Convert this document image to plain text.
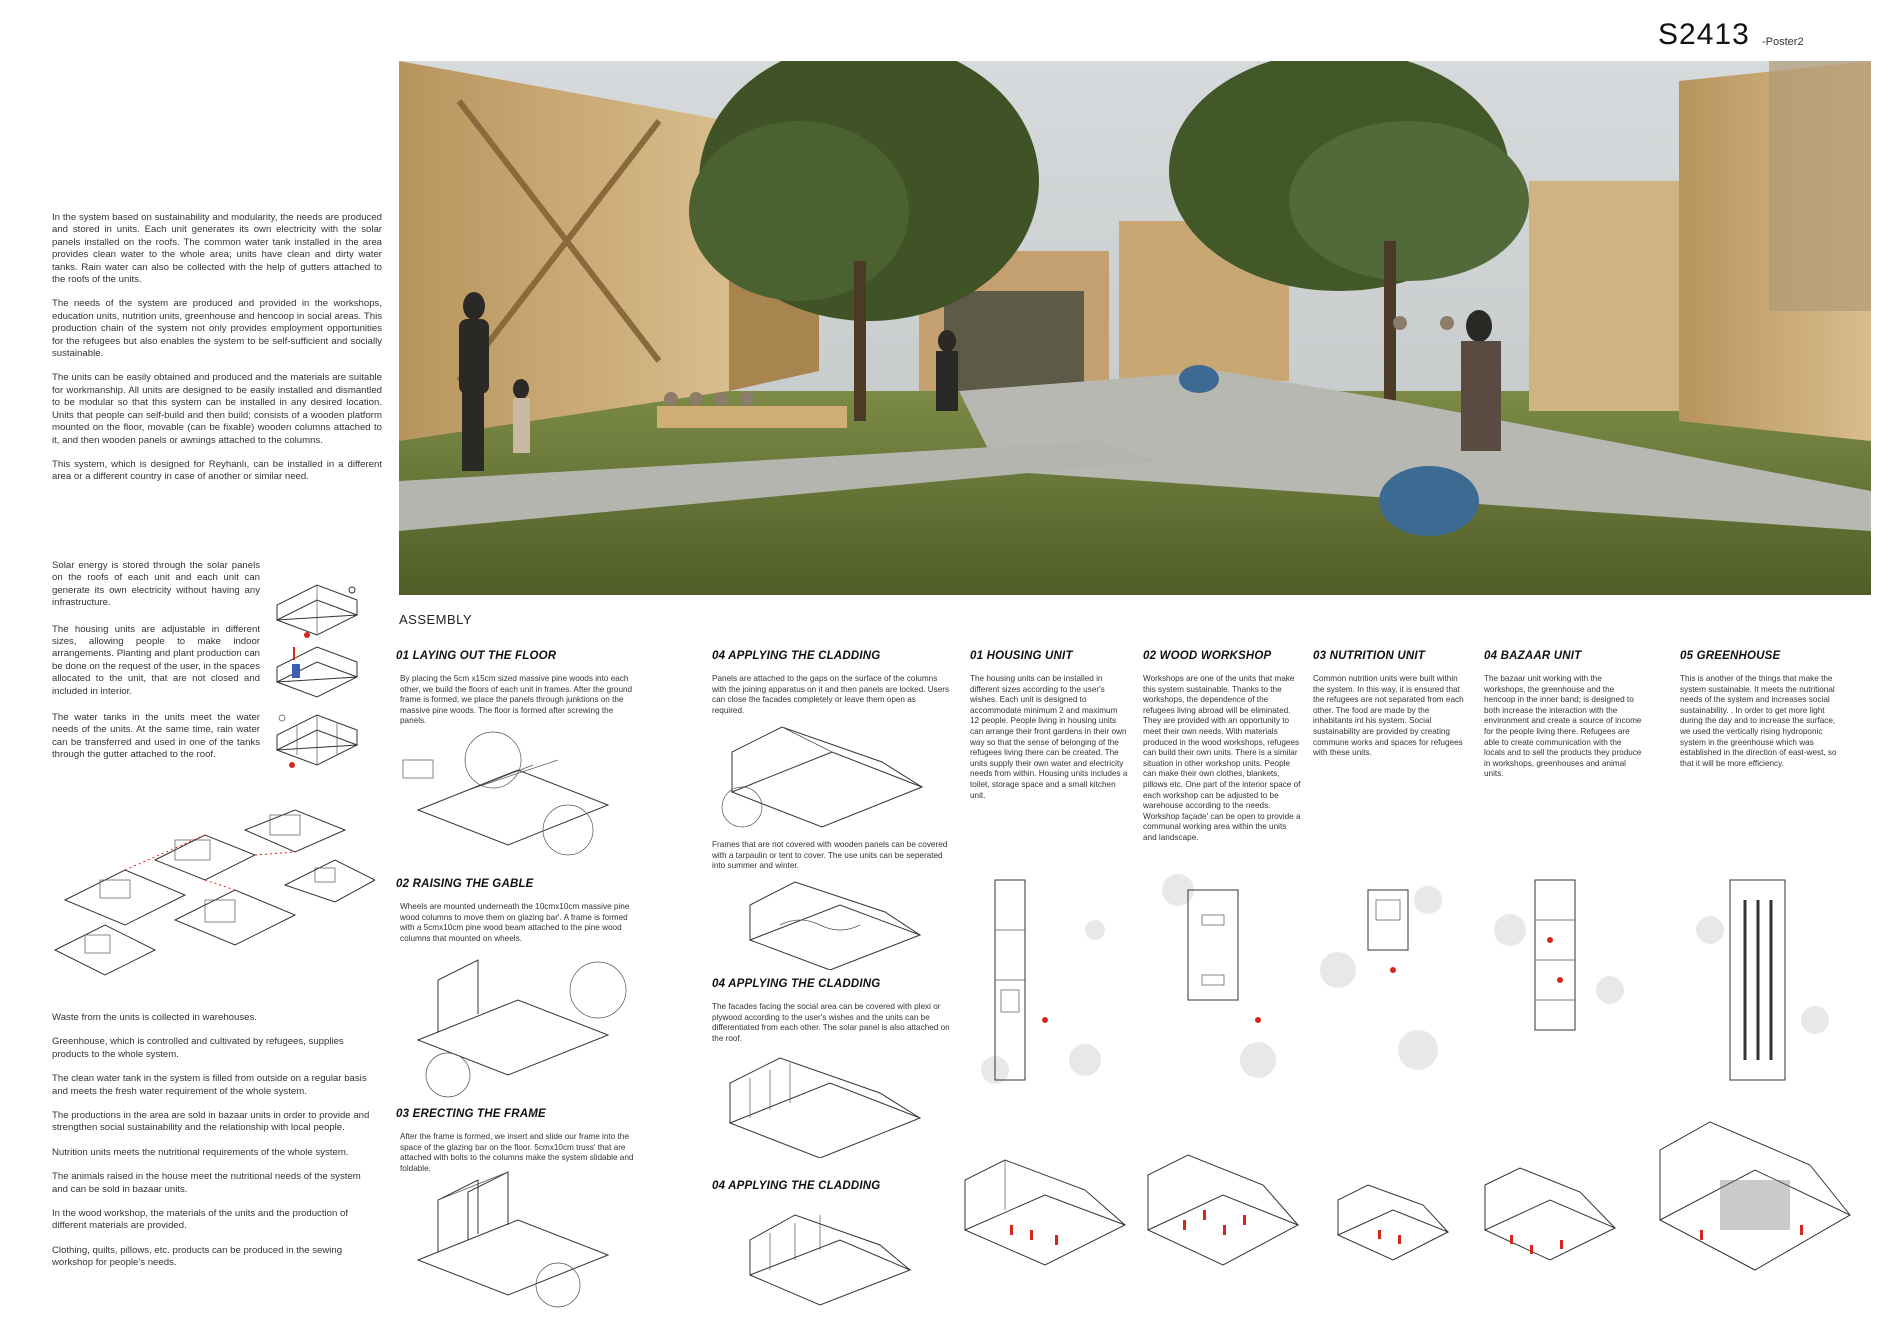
S2413 -Poster2

In the system based on sustainability and modularity, the needs are produced and stored in units. Each unit generates its own electricity with the solar panels installed on the roofs. The common water tank installed in the area provides clean water to the whole area; units have clean and dirty water tanks. Rain water can also be collected with the help of gutters attached to the roofs of the units.

The needs of the system are produced and provided in the workshops, education units, nutrition units, greenhouse and hencoop in social areas. This production chain of the system not only provides employment opportunities for the refugees but also enables the system to be self-sufficient and socially sustainable.

The units can be easily obtained and produced and the materials are suitable for workmanship. All units are designed to be easily installed and dismantled to be modular so that this system can be installed in any desired location. Units that people can self-build and then build; consists of a wooden platform mounted on the floor, movable (can be fixable) wooden columns attached to it, and then wooden panels or awnings attached to the columns.

This system, which is designed for Reyhanlı, can be installed in a different area or a different country in case of another or similar need.

Solar energy is stored through the solar panels on the roofs of each unit and each unit can generate its own electricity without having any infrastructure.

The housing units are adjustable in different sizes, allowing people to make indoor arrangements. Planting and plant production can be done on the request of the user, in the spaces allocated to the unit, that are not closed and included in interior.

The water tanks in the units meet the water needs of the units. At the same time, rain water can be transferred and used in one of the tanks through the gutter attached to the roof.

Waste from the units is collected in warehouses.

Greenhouse, which is controlled and cultivated by refugees, supplies products to the whole system.

The clean water tank in the system is filled from outside on a regular basis and meets the fresh water requirement of the whole system.

The productions in the area are sold in bazaar units in order to provide and strengthen social sustainability and the relationship with local people.

Nutrition units meets the nutritional requirements of the whole system.

The animals raised in the house meet the nutritional needs of the system and can be sold in bazaar units.

In the wood workshop, the materials of the units and the production of different materials are provided.

Clothing, quilts, pillows, etc. products can be produced in the sewing workshop for people's needs.

ASSEMBLY
01 LAYING OUT THE FLOOR

By placing the 5cm x15cm sized massive pine woods into each other, we build the floors of each unit in frames. After the ground frame is formed, we place the panels through junktions on the massive pine woods. The floor is formed after screwing the panels.

02 RAISING THE GABLE

Wheels are mounted underneath the 10cmx10cm massive pine wood columns to move them on glazing bar'. A frame is formed with a 5cmx10cm pine wood beam attached to the pine wood columns that mounted on wheels.

03 ERECTING THE FRAME

After the frame is formed, we insert and slide our frame into the space of the glazing bar on the floor. 5cmx10cm truss' that are attached with bolts to the columns make the system slidable and foldable.

04 APPLYING THE CLADDING

Panels are attached to the gaps on the surface of the columns with the joining apparatus on it and then panels are locked. Users can close the facades completely or leave them open as required.

Frames that are not covered with wooden panels can be covered with a tarpaulin or tent to cover. The use units can be seperated into summer and winter.

04 APPLYING THE CLADDING

The facades facing the social area can be covered with plexi or plywood according to the user's wishes and the units can be differentiated from each other. The solar panel is also attached on the roof.

04 APPLYING THE CLADDING
01 HOUSING UNIT

The housing units can be installed in different sizes according to the user's wishes. Each unit is designed to accommodate minimum 2 and maximum 12 people. People living in housing units can arrange their front gardens in their own way so that the sense of belonging of the refugees living there can be created. The units supply their own water and electricity needs from within. Housing units includes a toilet, storage space and a small kitchen unit.

02 WOOD WORKSHOP

Workshops are one of the units that make this system sustainable. Thanks to the workshops, the dependence of the refugees living abroad will be eliminated. They are provided with an opportunity to meet their own needs. With materials produced in the wood workshops, refugees can build their own units. There is a similar situation in other workshop units. People can make their own clothes, blankets, pillows etc. One part of the interior space of each workshop can be adjusted to be warehouse according to the needs. Workshop façade' can be open to provide a communal working area within the units and landscape.

03 NUTRITION UNIT

Common nutrition units were built within the system. In this way, it is ensured that the refugees are not separated from each other. The food are made by the inhabitants int his system. Social sustainability are provided by creating commune works and spaces for refugees with these units.

04 BAZAAR UNIT

The bazaar unit working with the workshops, the greenhouse and the hencoop in the inner band; is designed to both increase the interaction with the environment and create a source of income for the people living there. Refugees are able to create communication with the locals and to sell the products they produce in workshops, greenhouses and animal units.

05 GREENHOUSE

This is another of the things that make the system sustainable. It meets the nutritional needs of the system and increases social sustainability. . In order to get more light during the day and to increase the surface, we used the vertically rising hydroponic system in the greenhouse which was established in the direction of east-west, so that it will be more efficiency.
